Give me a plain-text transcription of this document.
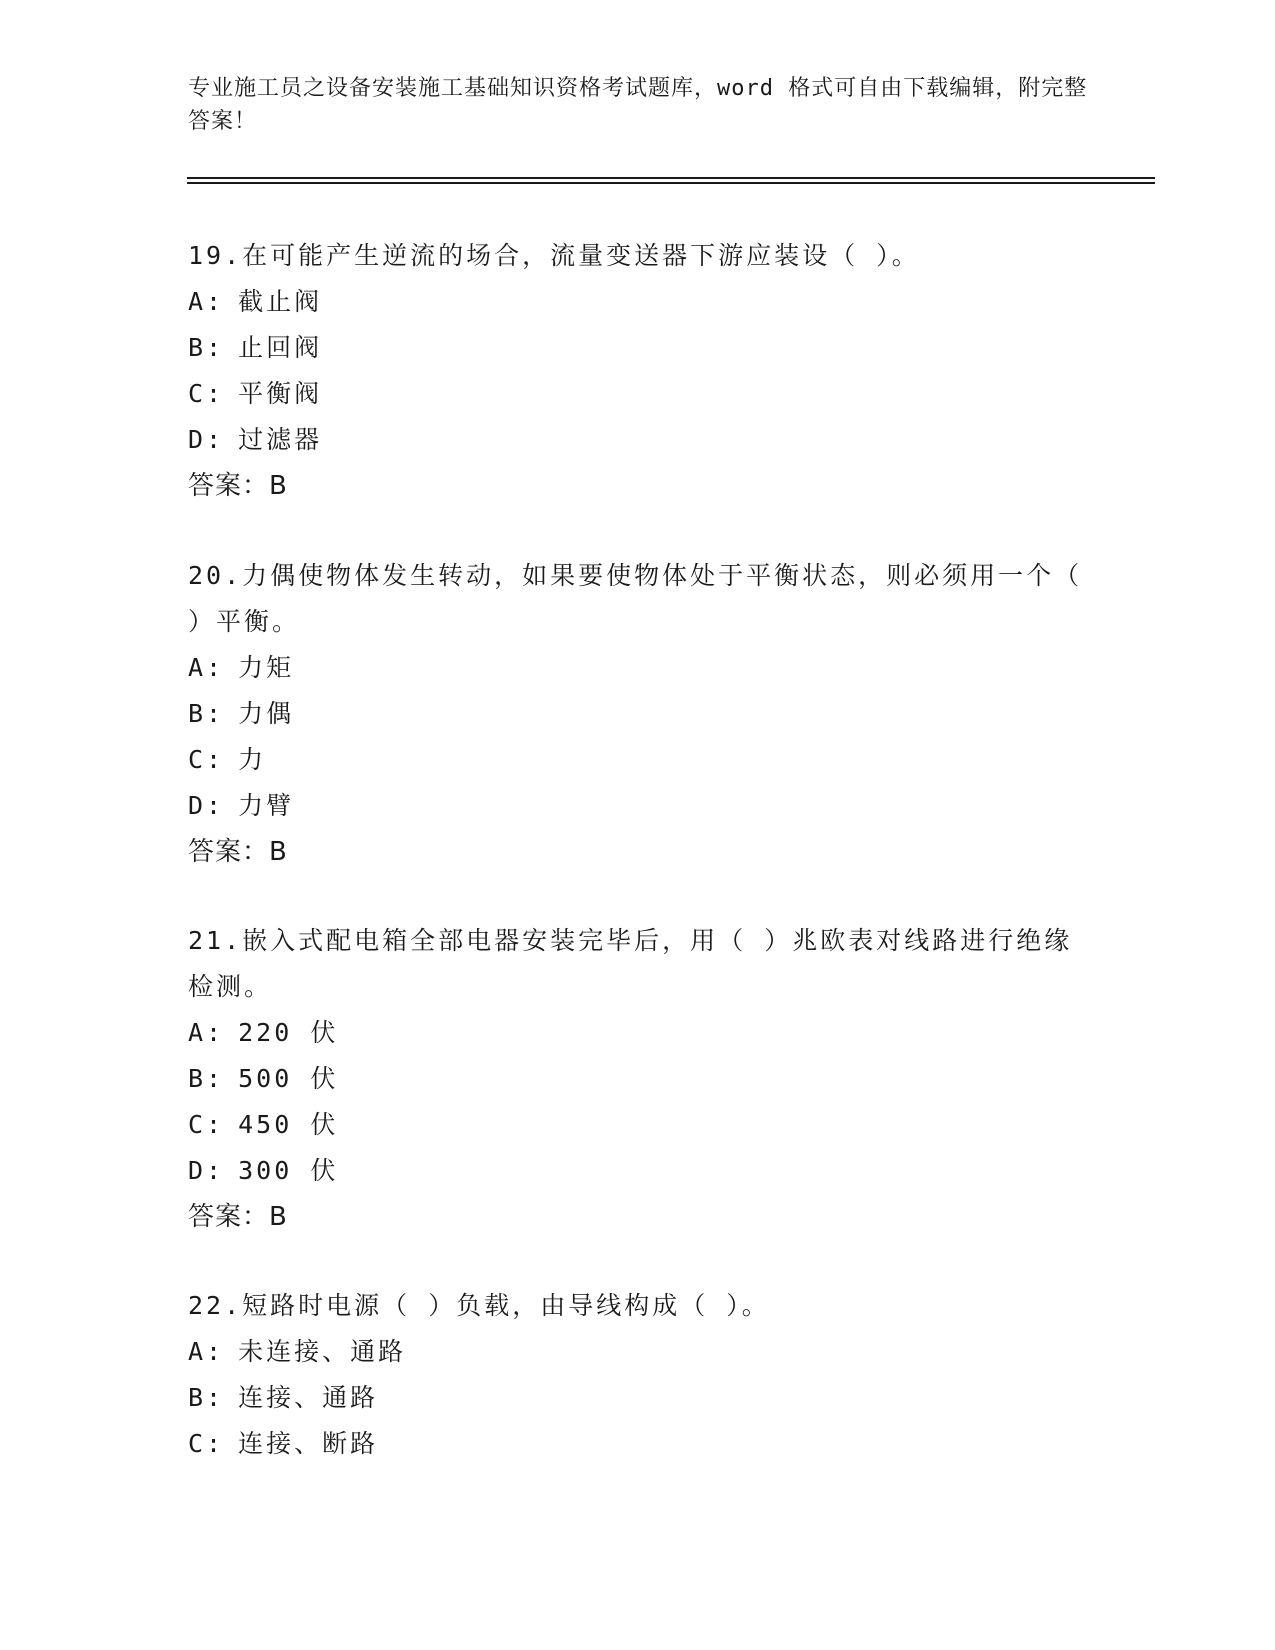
专业施工员之设备安装施工基础知识资格考试题库，word 格式可自由下载编辑，附完整答案！
19.在可能产生逆流的场合，流量变送器下游应装设（ ）。
A: 截止阀
B: 止回阀
C: 平衡阀
D: 过滤器
答案：B
20.力偶使物体发生转动，如果要使物体处于平衡状态，则必须用一个（ ）平衡。
A: 力矩
B: 力偶
C: 力
D: 力臂
答案：B
21.嵌入式配电箱全部电器安装完毕后，用（ ）兆欧表对线路进行绝缘检测。
A: 220 伏
B: 500 伏
C: 450 伏
D: 300 伏
答案：B
22.短路时电源（ ）负载，由导线构成（ ）。
A: 未连接、通路
B: 连接、通路
C: 连接、断路
